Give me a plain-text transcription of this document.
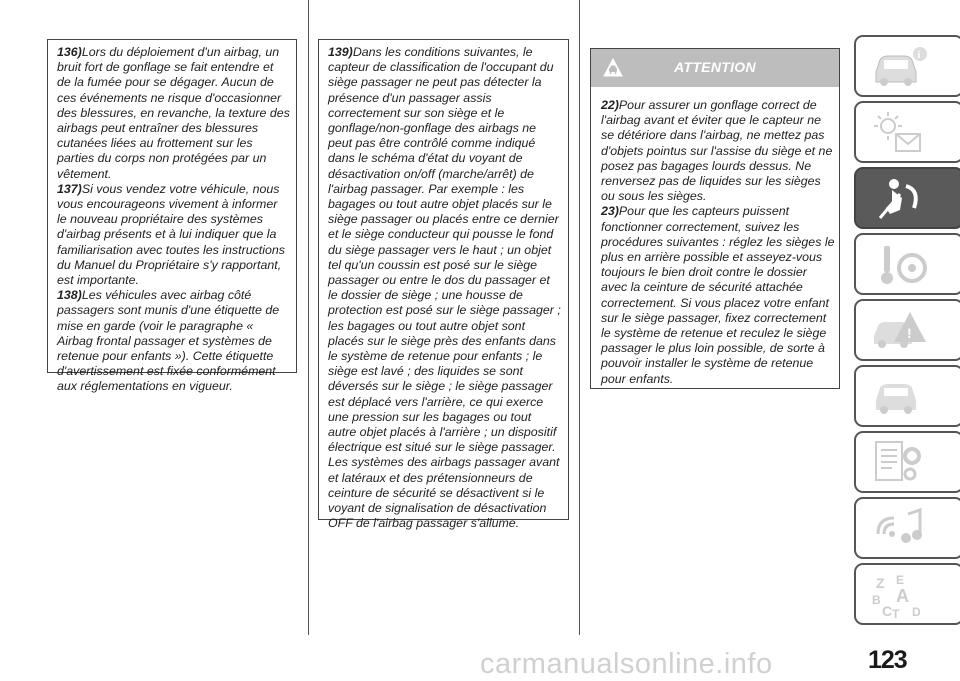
136)Lors du déploiement d'un airbag, un bruit fort de gonflage se fait entendre et de la fumée pour se dégager. Aucun de ces événements ne risque d'occasionner des blessures, en revanche, la texture des airbags peut entraîner des blessures cutanées liées au frottement sur les parties du corps non protégées par un vêtement.

137)Si vous vendez votre véhicule, nous vous encourageons vivement à informer le nouveau propriétaire des systèmes d'airbag présents et à lui indiquer que la familiarisation avec toutes les instructions du Manuel du Propriétaire s'y rapportant, est importante.

138)Les véhicules avec airbag côté passagers sont munis d'une étiquette de mise en garde (voir le paragraphe « Airbag frontal passager et systèmes de retenue pour enfants »). Cette étiquette d'avertissement est fixée conformément aux réglementations en vigueur.

139)Dans les conditions suivantes, le capteur de classification de l'occupant du siège passager ne peut pas détecter la présence d'un passager assis correctement sur son siège et le gonflage/non-gonflage des airbags ne peut pas être contrôlé comme indiqué dans le schéma d'état du voyant de désactivation on/off (marche/arrêt) de l'airbag passager. Par exemple : les bagages ou tout autre objet placés sur le siège passager ou placés entre ce dernier et le siège conducteur qui pousse le fond du siège passager vers le haut ; un objet tel qu'un coussin est posé sur le siège passager ou entre le dos du passager et le dossier de siège ; une housse de protection est posé sur le siège passager ; les bagages ou tout autre objet sont placés sur le siège près des enfants dans le système de retenue pour enfants ; le siège est lavé ; des liquides se sont déversés sur le siège ; le siège passager est déplacé vers l'arrière, ce qui exerce une pression sur les bagages ou tout autre objet placés à l'arrière ; un dispositif électrique est situé sur le siège passager. Les systèmes des airbags passager avant et latéraux et des prétensionneurs de ceinture de sécurité se désactivent si le voyant de signalisation de désactivation OFF de l'airbag passager s'allume.

ATTENTION

22)Pour assurer un gonflage correct de l'airbag avant et éviter que le capteur ne se détériore dans l'airbag, ne mettez pas d'objets pointus sur l'assise du siège et ne posez pas bagages lourds dessus. Ne renversez pas de liquides sur les sièges ou sous les sièges.

23)Pour que les capteurs puissent fonctionner correctement, suivez les procédures suivantes : réglez les sièges le plus en arrière possible et asseyez-vous toujours le bien droit contre le dossier avec la ceinture de sécurité attachée correctement. Si vous placez votre enfant sur le siège passager, fixez correctement le système de retenue et reculez le siège passager le plus loin possible, de sorte à pouvoir installer le système de retenue pour enfants.

i
!
Z E
B A
C T D
123
carmanualsonline.info
